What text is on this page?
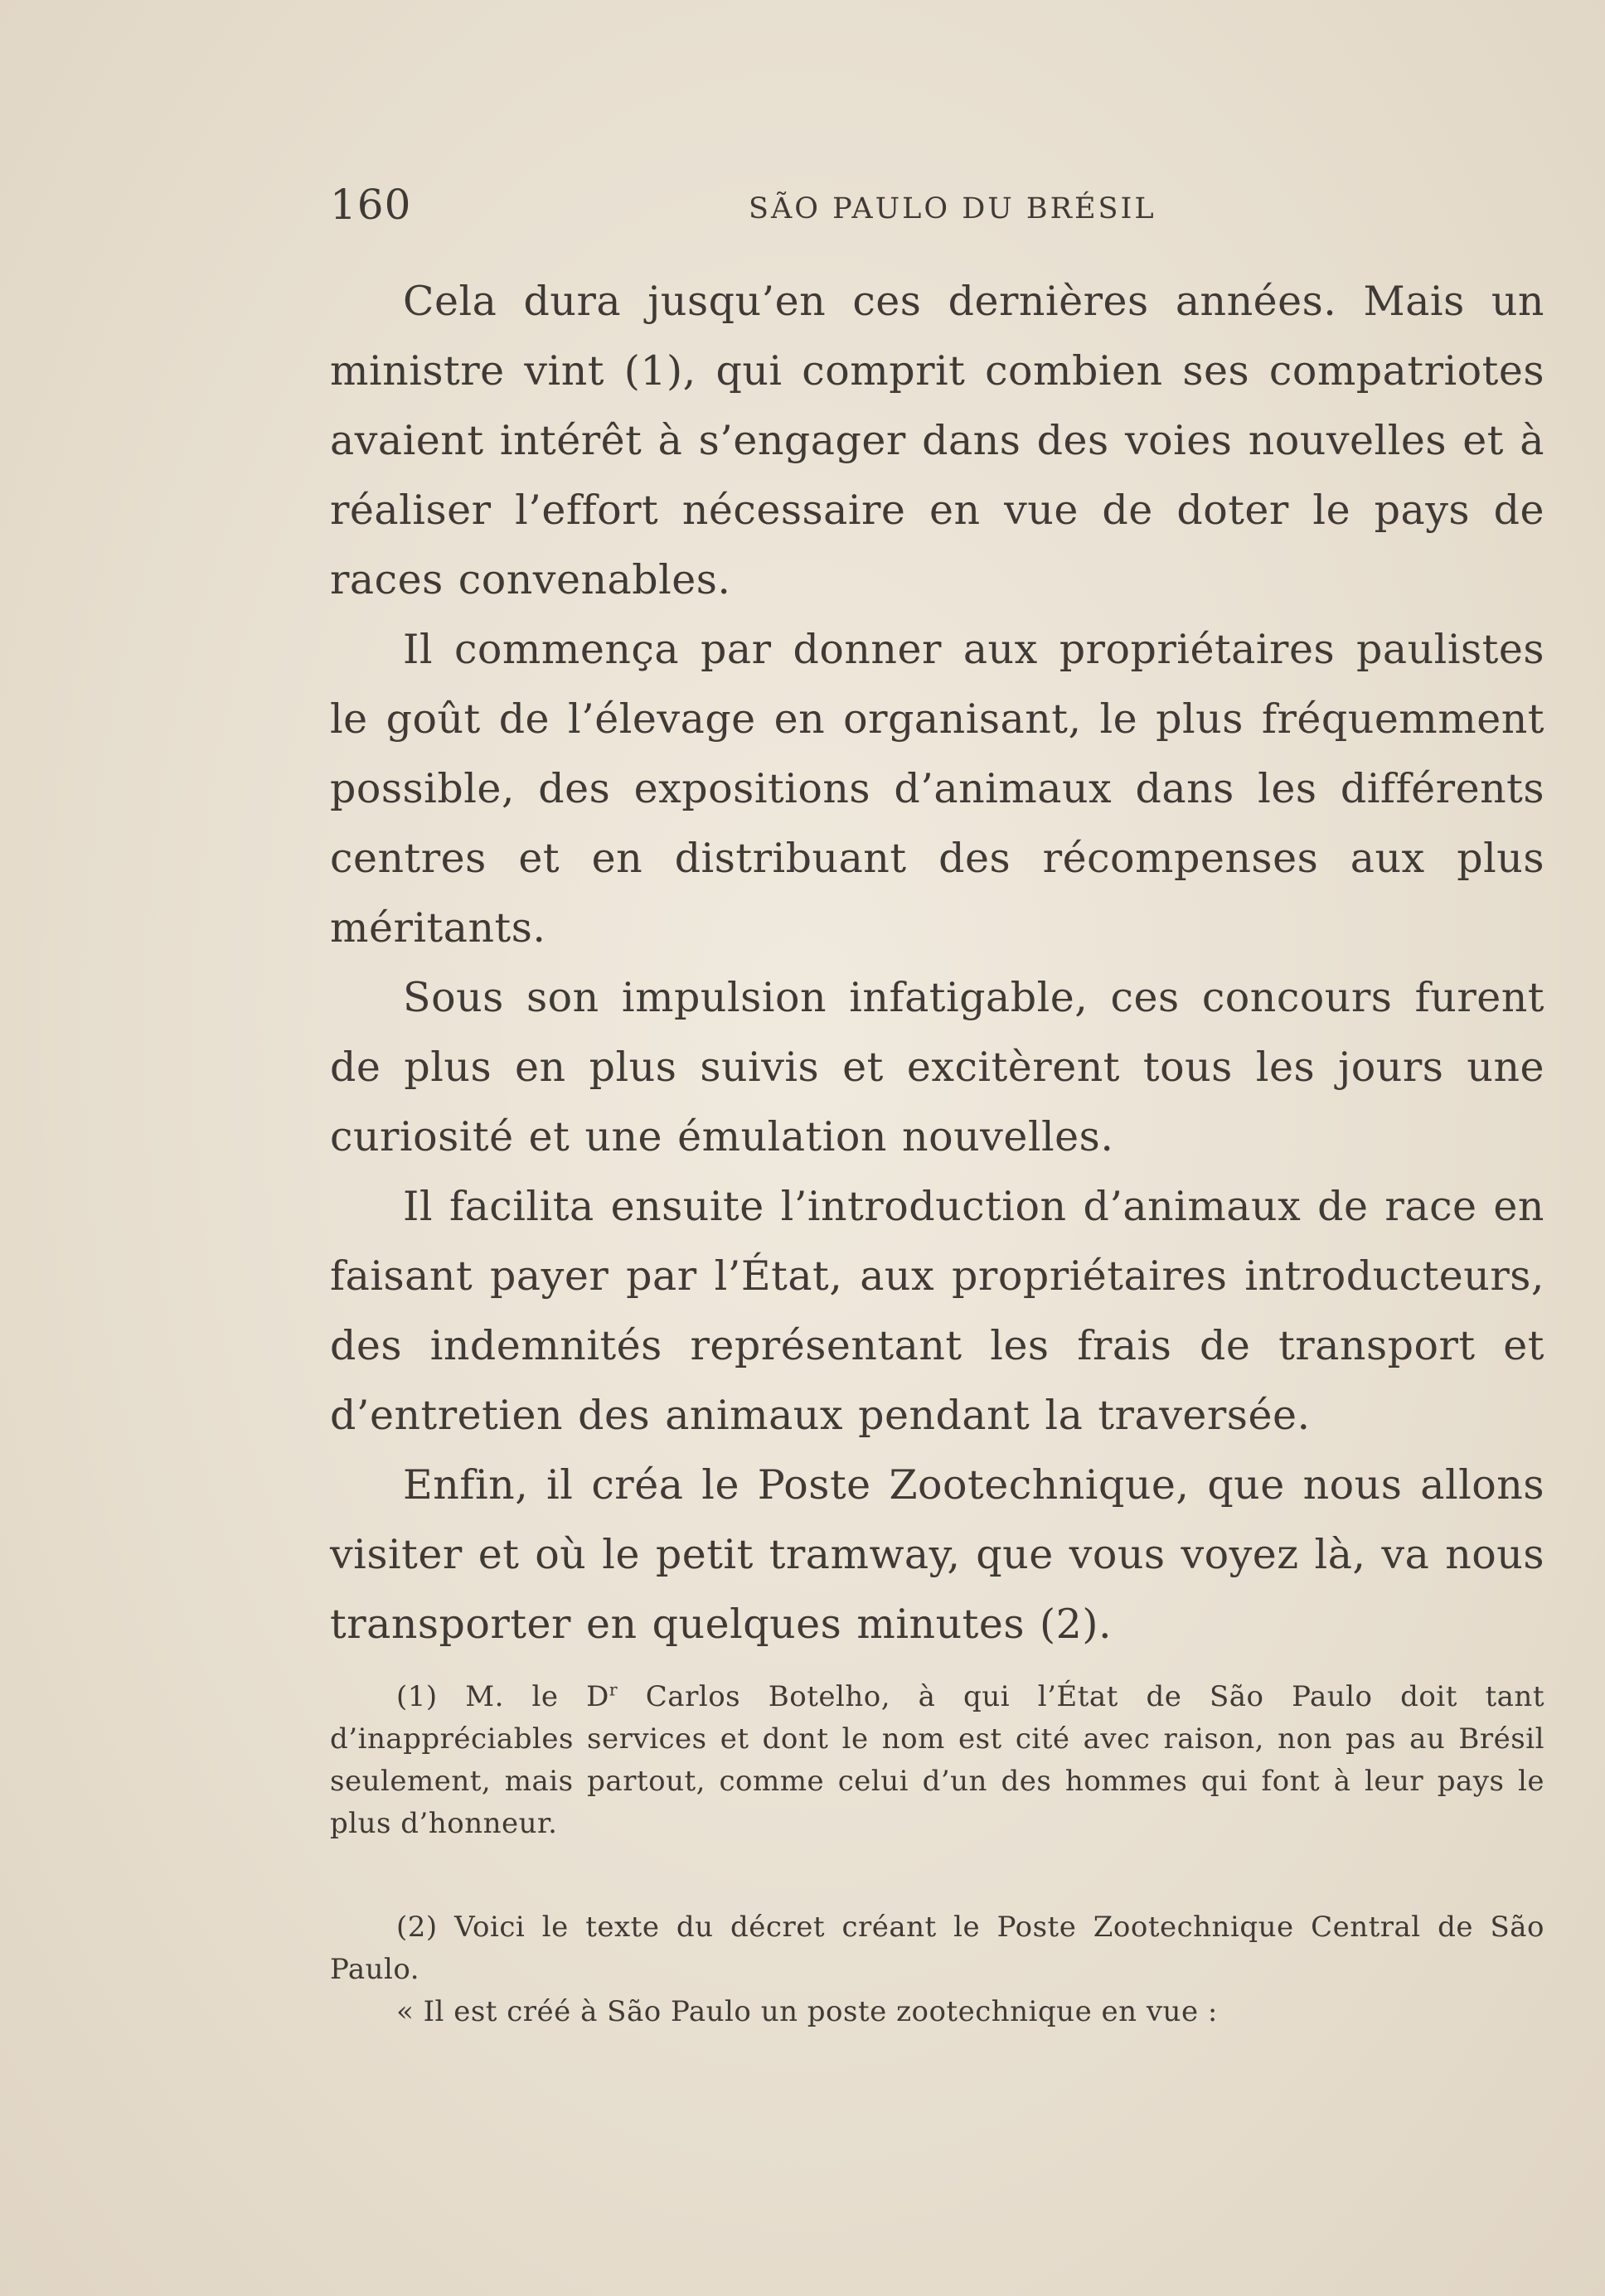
160	SÃO PAULO DU BRÉSIL

Cela dura jusqu’en ces dernières années. Mais un ministre vint (1), qui comprit combien ses compatriotes avaient intérêt à s’engager dans des voies nouvelles et à réaliser l’effort nécessaire en vue de doter le pays de races convenables.

Il commença par donner aux propriétaires paulistes le goût de l’élevage en organisant, le plus fréquemment possible, des expositions d’animaux dans les différents centres et en distribuant des récompenses aux plus méritants.

Sous son impulsion infatigable, ces concours furent de plus en plus suivis et excitèrent tous les jours une curiosité et une émulation nouvelles.

Il facilita ensuite l’introduction d’animaux de race en faisant payer par l’État, aux propriétaires introducteurs, des indemnités représentant les frais de transport et d’entretien des animaux pendant la traversée.

Enfin, il créa le Poste Zootechnique, que nous allons visiter et où le petit tramway, que vous voyez là, va nous transporter en quelques minutes (2).

(1) M. le $D^r$ Carlos Botelho, à qui l’État de São Paulo doit tant d’inappréciables services et dont le nom est cité avec raison, non pas au Brésil seulement, mais partout, comme celui d’un des hommes qui font à leur pays le plus d’honneur.

(2) Voici le texte du décret créant le Poste Zootechnique Central de São Paulo.

« Il est créé à São Paulo un poste zootechnique en vue :
